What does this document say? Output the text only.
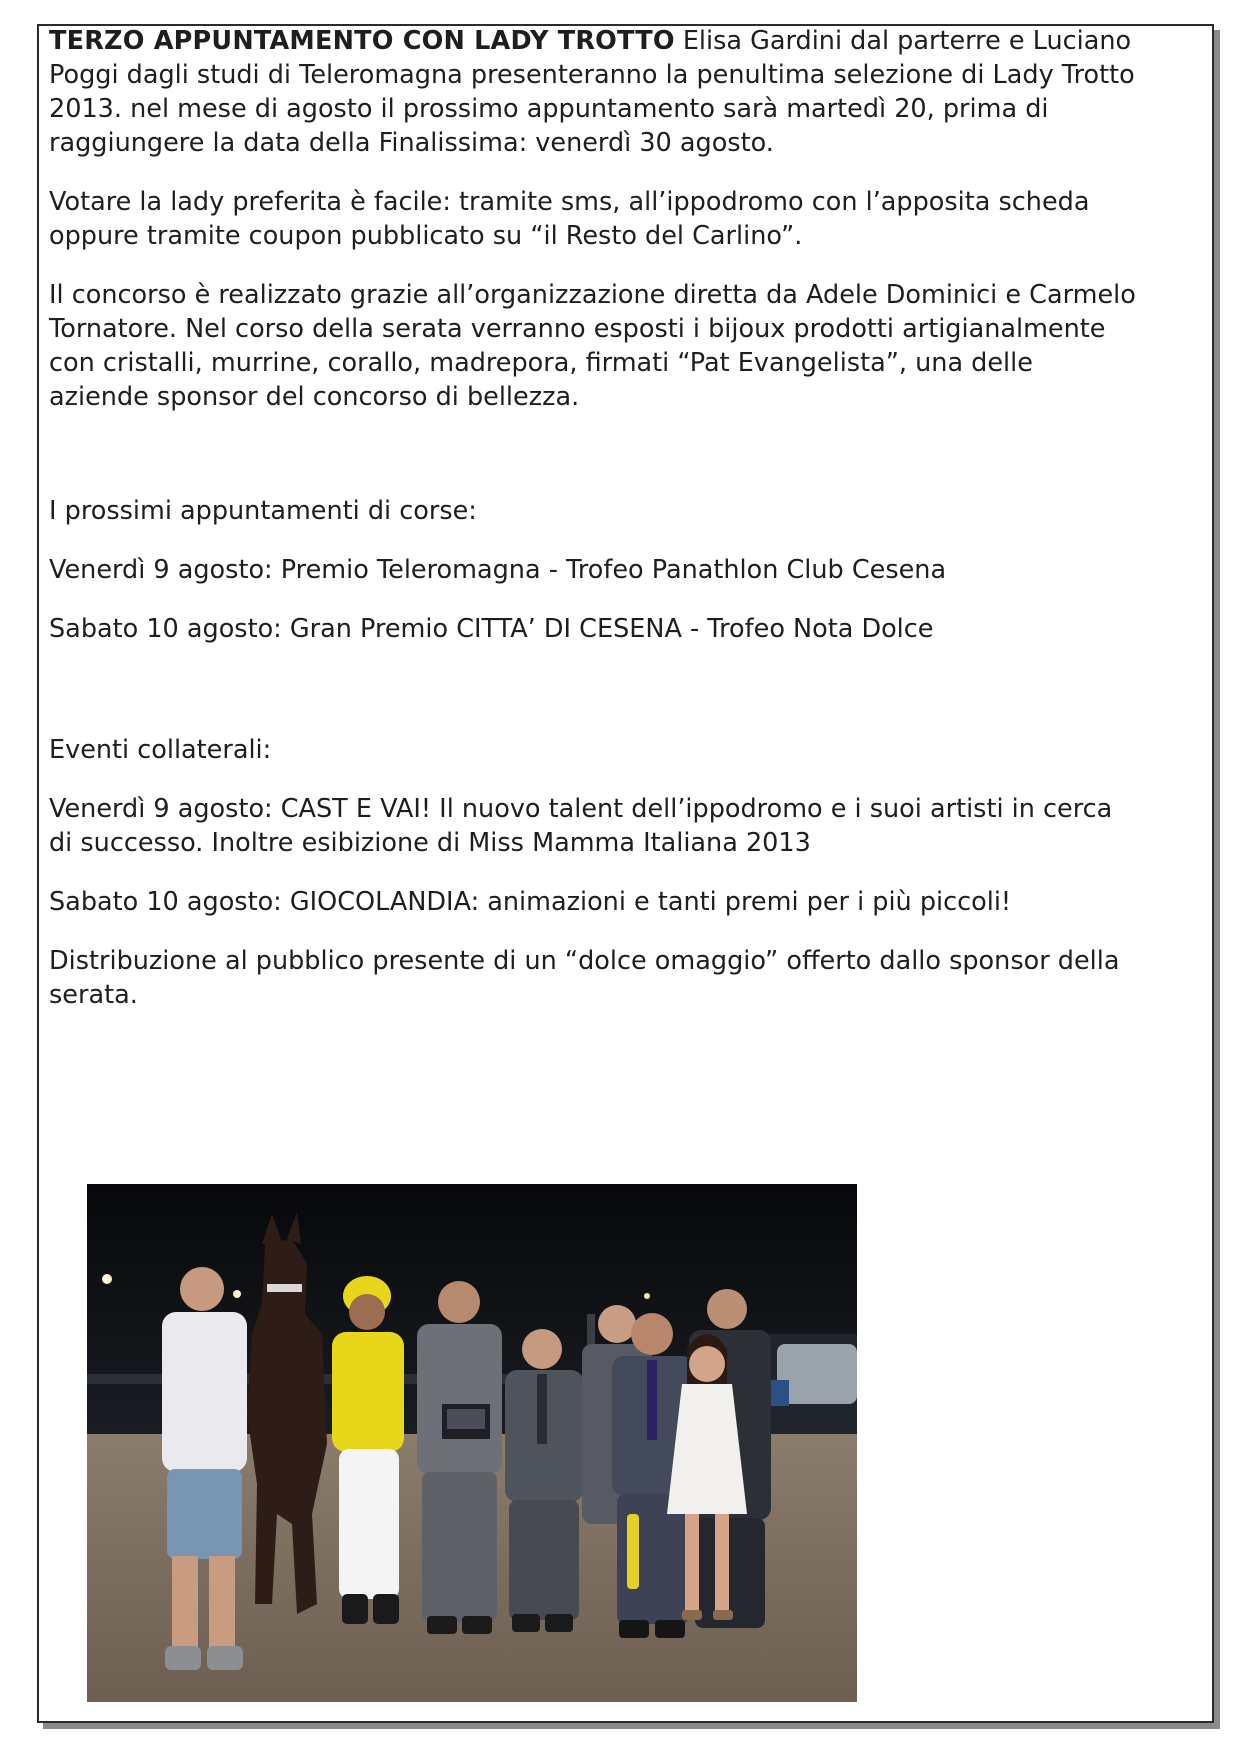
TERZO APPUNTAMENTO CON LADY TROTTO Elisa Gardini dal parterre e Luciano Poggi dagli studi di Teleromagna presenteranno la penultima selezione di Lady Trotto 2013. nel mese di agosto il prossimo appuntamento sarà martedì 20, prima di raggiungere la data della Finalissima: venerdì 30 agosto.

Votare la lady preferita è facile: tramite sms, all’ippodromo con l’apposita scheda oppure tramite coupon pubblicato su “il Resto del Carlino”.

Il concorso è realizzato grazie all’organizzazione diretta da Adele Dominici e Carmelo Tornatore. Nel corso della serata verranno esposti i bijoux prodotti artigianalmente con cristalli, murrine, corallo, madrepora, firmati “Pat Evangelista”, una delle aziende sponsor del concorso di bellezza.

I prossimi appuntamenti di corse:

Venerdì 9 agosto: Premio Teleromagna - Trofeo Panathlon Club Cesena

Sabato 10 agosto: Gran Premio CITTA’ DI CESENA - Trofeo Nota Dolce

Eventi collaterali:

Venerdì 9 agosto: CAST E VAI! Il nuovo talent dell’ippodromo e i suoi artisti in cerca di successo. Inoltre esibizione di Miss Mamma Italiana 2013

Sabato 10 agosto: GIOCOLANDIA: animazioni e tanti premi per i più piccoli!

Distribuzione al pubblico presente di un “dolce omaggio” offerto dallo sponsor della serata.
